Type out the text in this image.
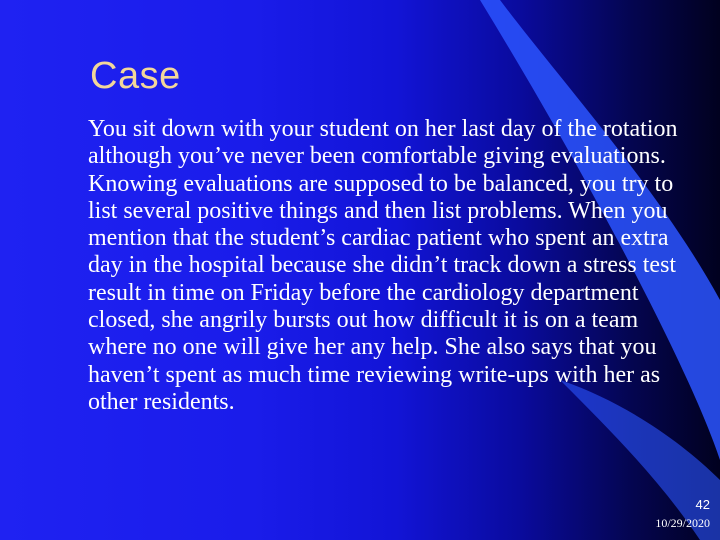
Case

You sit down with your student on her last day of the rotation although you’ve never been comfortable giving evaluations. Knowing evaluations are supposed to be balanced, you try to list several positive things and then list problems. When you mention that the student’s cardiac patient who spent an extra day in the hospital because she didn’t track down a stress test result in time on Friday before the cardiology department closed, she angrily bursts out how difficult it is on a team where no one will give her any help. She also says that you haven’t spent as much time reviewing write-ups with her as other residents.

42
10/29/2020
